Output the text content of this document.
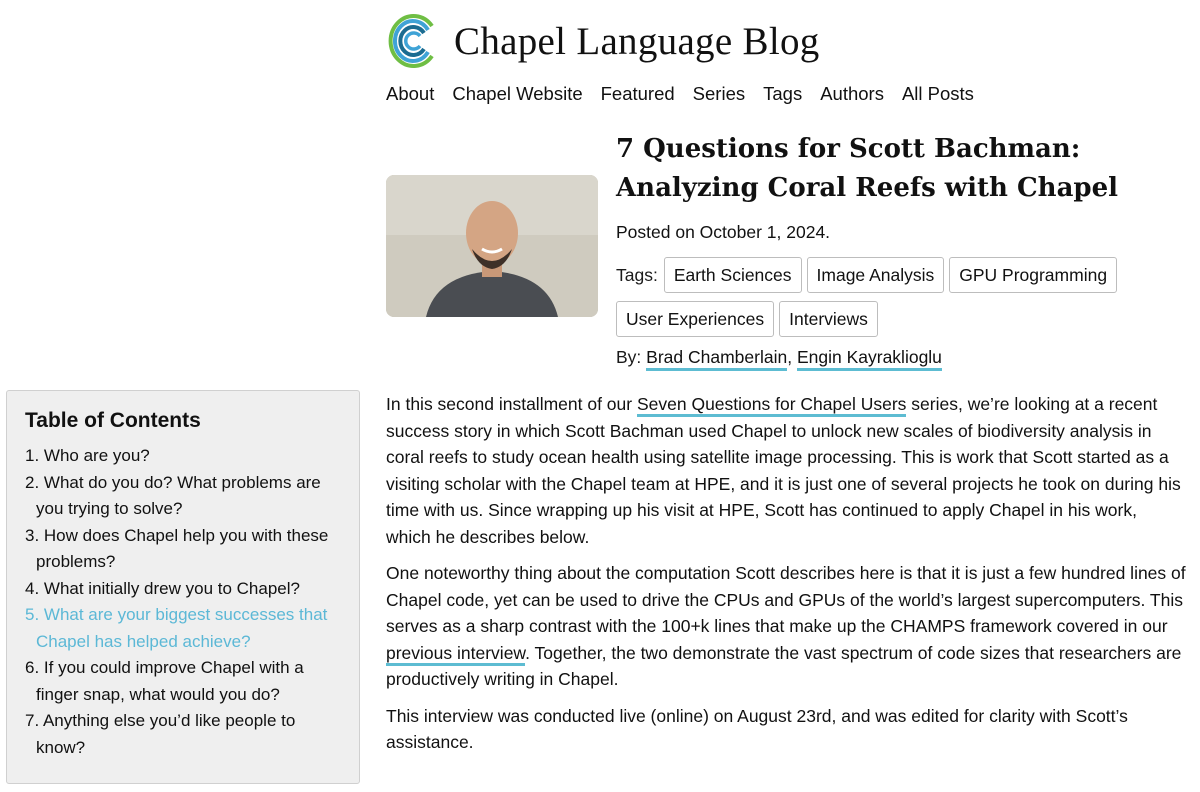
Chapel Language Blog
About Chapel Website Featured Series Tags Authors All Posts
7 Questions for Scott Bachman: Analyzing Coral Reefs with Chapel
Posted on October 1, 2024.
Tags: Earth Sciences	Image Analysis	GPU Programming
User Experiences	Interviews
By: Brad Chamberlain, Engin Kayraklioglu
Table of Contents
1. Who are you?
2. What do you do? What problems are you trying to solve?
3. How does Chapel help you with these problems?
4. What initially drew you to Chapel?
5. What are your biggest successes that Chapel has helped achieve?
6. If you could improve Chapel with a finger snap, what would you do?
7. Anything else you’d like people to know?

In this second installment of our Seven Questions for Chapel Users series, we’re looking at a recent success story in which Scott Bachman used Chapel to unlock new scales of biodiversity analysis in coral reefs to study ocean health using satellite image processing. This is work that Scott started as a visiting scholar with the Chapel team at HPE, and it is just one of several projects he took on during his time with us. Since wrapping up his visit at HPE, Scott has continued to apply Chapel in his work, which he describes below.

One noteworthy thing about the computation Scott describes here is that it is just a few hundred lines of Chapel code, yet can be used to drive the CPUs and GPUs of the world’s largest supercomputers. This serves as a sharp contrast with the 100+k lines that make up the CHAMPS framework covered in our previous interview. Together, the two demonstrate the vast spectrum of code sizes that researchers are productively writing in Chapel.

This interview was conducted live (online) on August 23rd, and was edited for clarity with Scott’s assistance.
